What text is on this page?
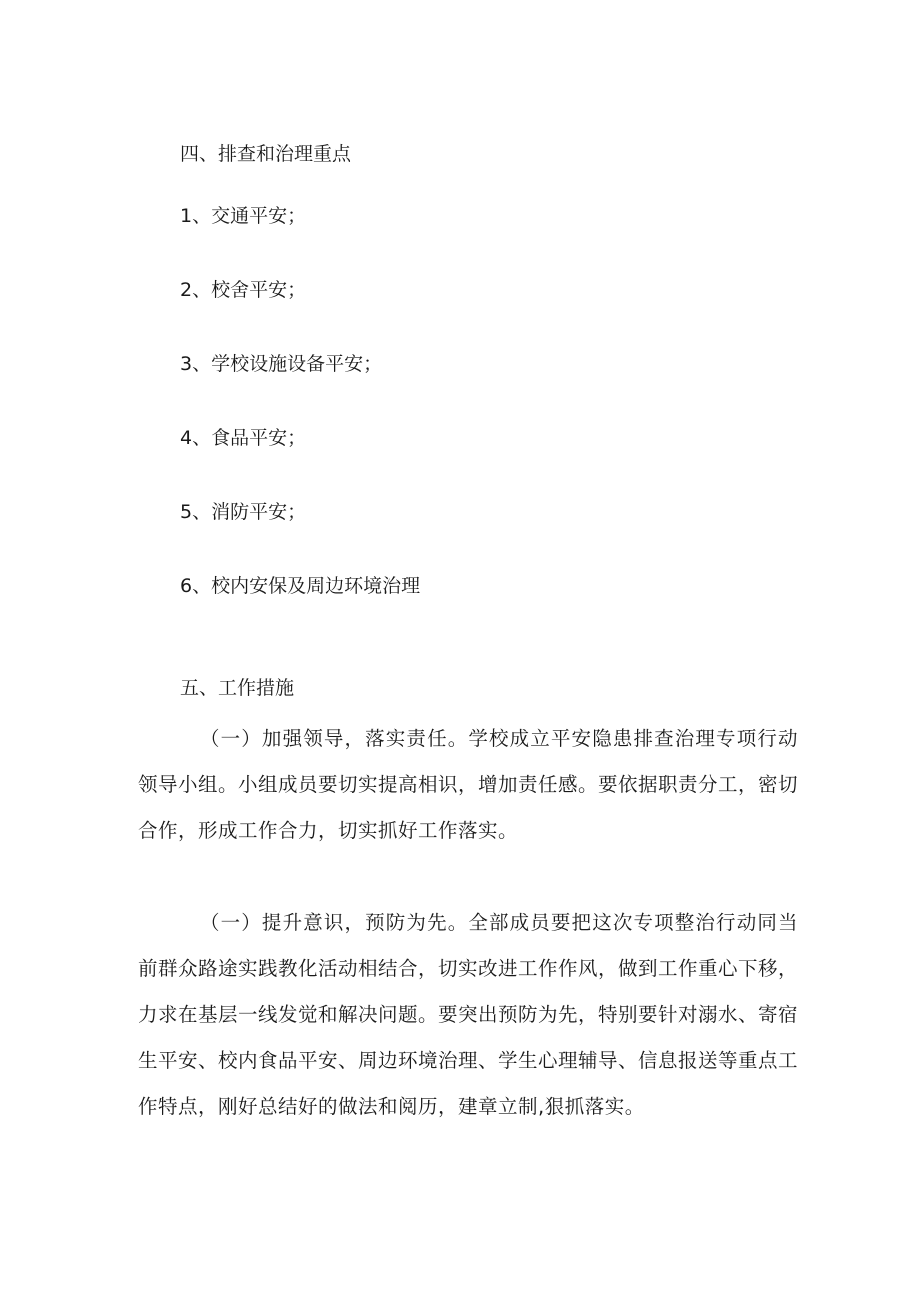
四、排查和治理重点
1、交通平安；
2、校舍平安；
3、学校设施设备平安；
4、食品平安；
5、消防平安；
6、校内安保及周边环境治理
五、工作措施
（一）加强领导，落实责任。学校成立平安隐患排查治理专项行动领导小组。小组成员要切实提高相识，增加责任感。要依据职责分工，密切合作，形成工作合力，切实抓好工作落实。
（一）提升意识，预防为先。全部成员要把这次专项整治行动同当前群众路途实践教化活动相结合，切实改进工作作风，做到工作重心下移，力求在基层一线发觉和解决问题。要突出预防为先，特别要针对溺水、寄宿生平安、校内食品平安、周边环境治理、学生心理辅导、信息报送等重点工作特点，刚好总结好的做法和阅历，建章立制,狠抓落实。
